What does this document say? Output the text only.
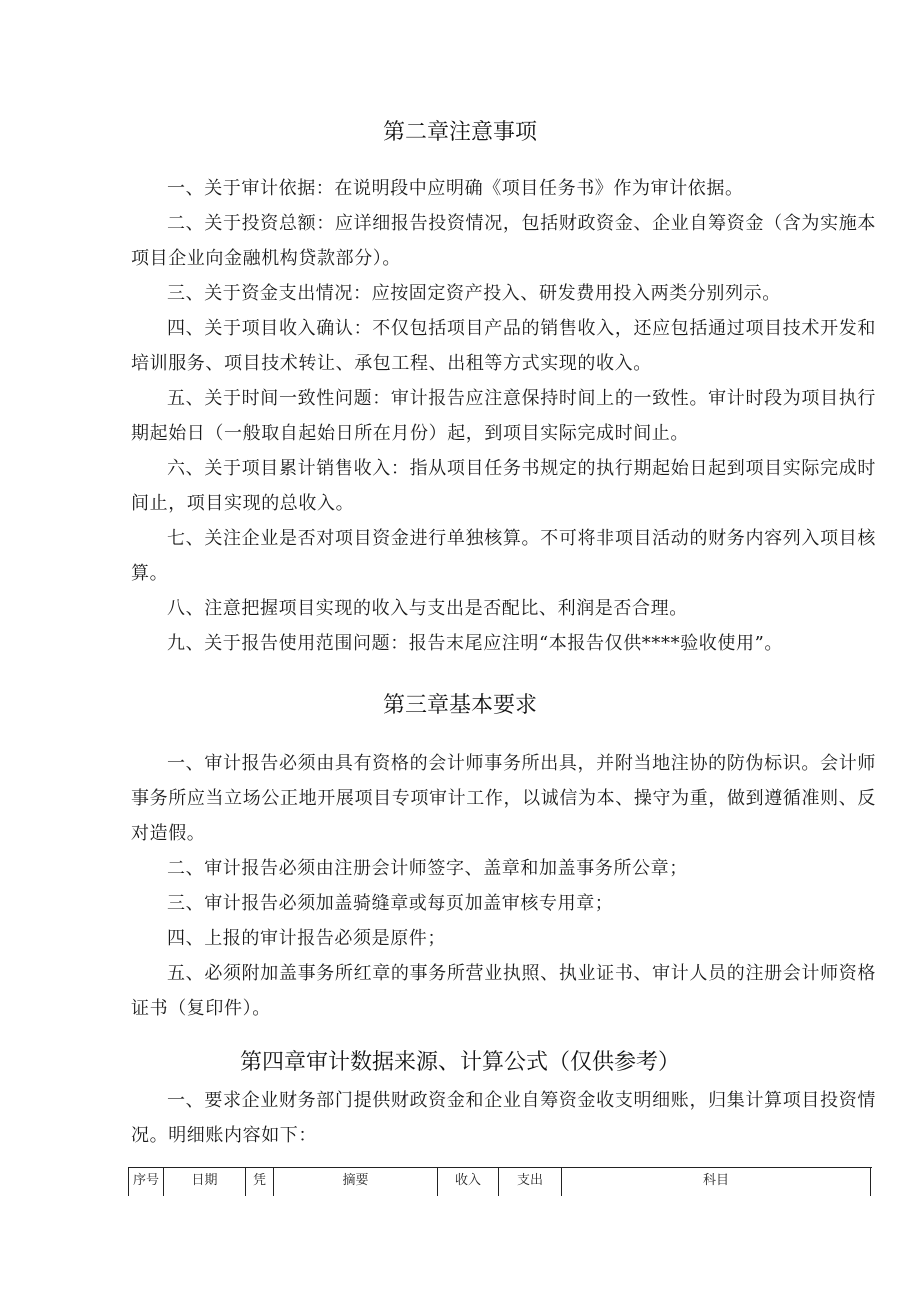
第二章注意事项
一、关于审计依据：在说明段中应明确《项目任务书》作为审计依据。
二、关于投资总额：应详细报告投资情况，包括财政资金、企业自筹资金（含为实施本项目企业向金融机构贷款部分）。
三、关于资金支出情况：应按固定资产投入、研发费用投入两类分别列示。
四、关于项目收入确认：不仅包括项目产品的销售收入，还应包括通过项目技术开发和培训服务、项目技术转让、承包工程、出租等方式实现的收入。
五、关于时间一致性问题：审计报告应注意保持时间上的一致性。审计时段为项目执行期起始日（一般取自起始日所在月份）起，到项目实际完成时间止。
六、关于项目累计销售收入：指从项目任务书规定的执行期起始日起到项目实际完成时间止，项目实现的总收入。
七、关注企业是否对项目资金进行单独核算。不可将非项目活动的财务内容列入项目核算。
八、注意把握项目实现的收入与支出是否配比、利润是否合理。
九、关于报告使用范围问题：报告末尾应注明“本报告仅供****验收使用”。
第三章基本要求
一、审计报告必须由具有资格的会计师事务所出具，并附当地注协的防伪标识。会计师事务所应当立场公正地开展项目专项审计工作，以诚信为本、操守为重，做到遵循准则、反对造假。
二、审计报告必须由注册会计师签字、盖章和加盖事务所公章；
三、审计报告必须加盖骑缝章或每页加盖审核专用章；
四、上报的审计报告必须是原件；
五、必须附加盖事务所红章的事务所营业执照、执业证书、审计人员的注册会计师资格证书（复印件）。
第四章审计数据来源、计算公式（仅供参考）
一、要求企业财务部门提供财政资金和企业自筹资金收支明细账，归集计算项目投资情况。明细账内容如下：
序号	日期	凭	摘要	收入	支出	科目
